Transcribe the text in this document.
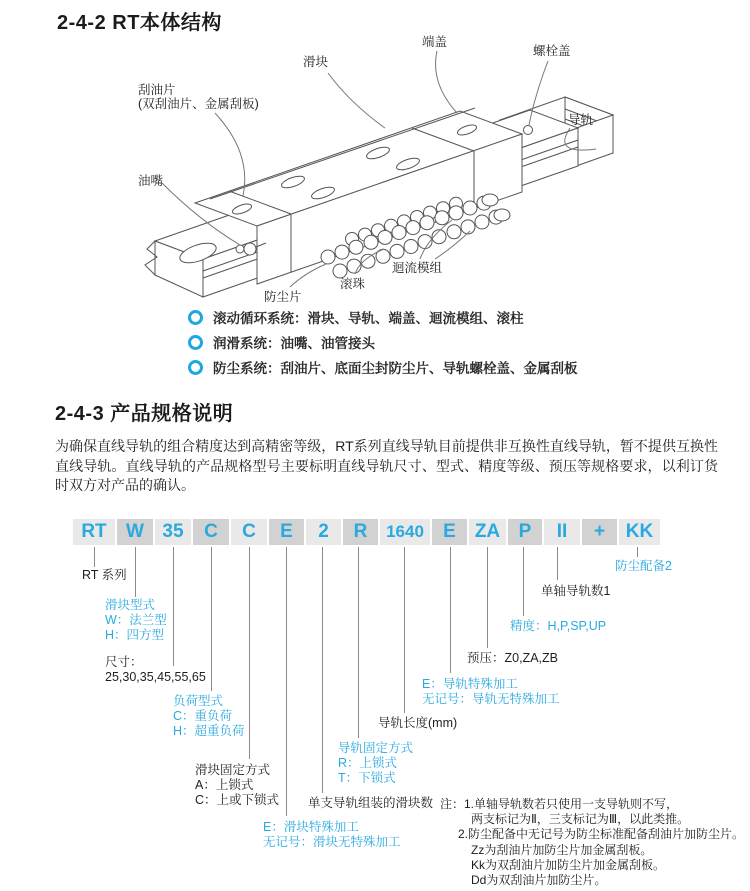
2-4-2 RT本体结构
滑块
端盖
螺栓盖
导轨
刮油片
(双刮油片、金属刮板)
油嘴
迴流模组
滚珠
防尘片
滚动循环系统：滑块、导轨、端盖、迴流模组、滚柱
润滑系统：油嘴、油管接头
防尘系统：刮油片、底面尘封防尘片、导轨螺栓盖、金属刮板
2-4-3 产品规格说明
为确保直线导轨的组合精度达到高精密等级，RT系列直线导轨目前提供非互换性直线导轨，暂不提供互换性直线导轨。直线导轨的产品规格型号主要标明直线导轨尺寸、型式、精度等级、预压等规格要求，以利订货时双方对产品的确认。
RT	W 35	C	C	E	2	R	1640	E ZA P	II	+	KK
RT 系列
滑块型式
W：法兰型
H：四方型
尺寸：
25,30,35,45,55,65
负荷型式
C：重负荷
H：超重负荷
滑块固定方式
A：上锁式
C：上或下锁式
E：滑块特殊加工
无记号：滑块无特殊加工
单支导轨组装的滑块数
导轨固定方式
R：上锁式
T：下锁式
导轨长度(mm)
E：导轨特殊加工
无记号：导轨无特殊加工
预压：Z0,ZA,ZB
精度：H,P,SP,UP
单轴导轨数1
防尘配备2
注：1.单轴导轨数若只使用一支导轨则不写，
两支标记为Ⅱ，三支标记为Ⅲ，以此类推。
2.防尘配备中无记号为防尘标准配备刮油片加防尘片。
Zz为刮油片加防尘片加金属刮板。
Kk为双刮油片加防尘片加金属刮板。
Dd为双刮油片加防尘片。
